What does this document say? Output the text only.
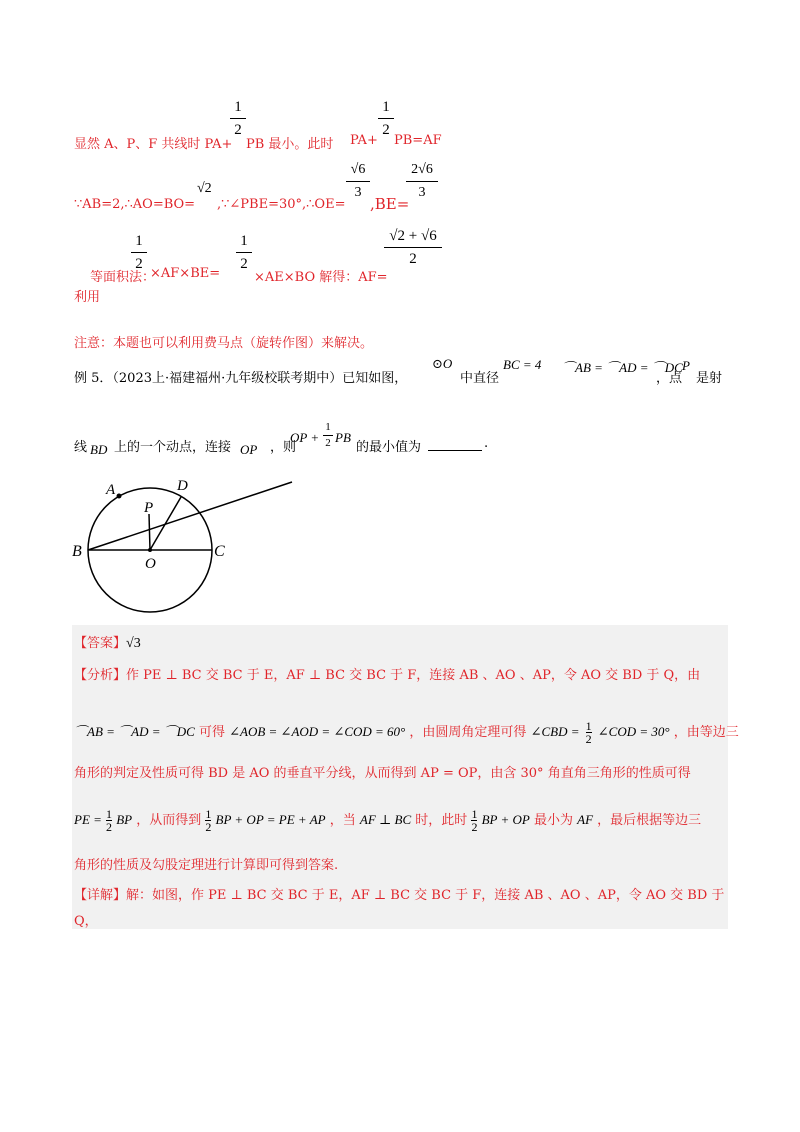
1
2
1
2
显然 A、P、F 共线时 PA+ PB 最小。此时 PA+ PB=AF
√2
∵AB=2,∴AO=BO= ,∵∠PBE=30°,∴OE=
√6
3
,BE=
2√6
3
1
2
1
2
√2 + √6
2
等面积法：
×AF×BE=	×AE×BO 解得：AF=
利用
注意：本题也可以利用费马点（旋转作图）来解决。
例 5．（2023上·福建福州·九年级校联考期中）已知如图，
⊙O
中直径
BC = 4 ⌒AB = ⌒AD = ⌒DC
，点
P
是射
线 BD 上的一个动点，连接 OP ，则
OP +
1
2 PB
的最小值为	.
A	D
P
B	C
O
【答案】√3
【分析】作 PE ⊥ BC 交 BC 于 E，AF ⊥ BC 交 BC 于 F，连接 AB 、AO 、AP，令 AO 交 BD 于 Q，由
⌒AB = ⌒AD = ⌒DC 可得 ∠AOB = ∠AOD = ∠COD = 60° ，由圆周角定理可得 ∠CBD = $\frac{1}{2}$ ∠COD = 30° ，由等边三
角形的判定及性质可得 BD 是 AO 的垂直平分线，从而得到 AP = OP，由含 30° 角直角三角形的性质可得
PE = $\frac{1}{2}$ BP ，从而得到 $\frac{1}{2}$ BP + OP = PE + AP ，当 AF ⊥ BC 时，此时 $\frac{1}{2}$ BP + OP 最小为 AF ，最后根据等边三
角形的性质及勾股定理进行计算即可得到答案.
【详解】解：如图，作 PE ⊥ BC 交 BC 于 E，AF ⊥ BC 交 BC 于 F，连接 AB 、AO 、AP，令 AO 交 BD 于
Q，
